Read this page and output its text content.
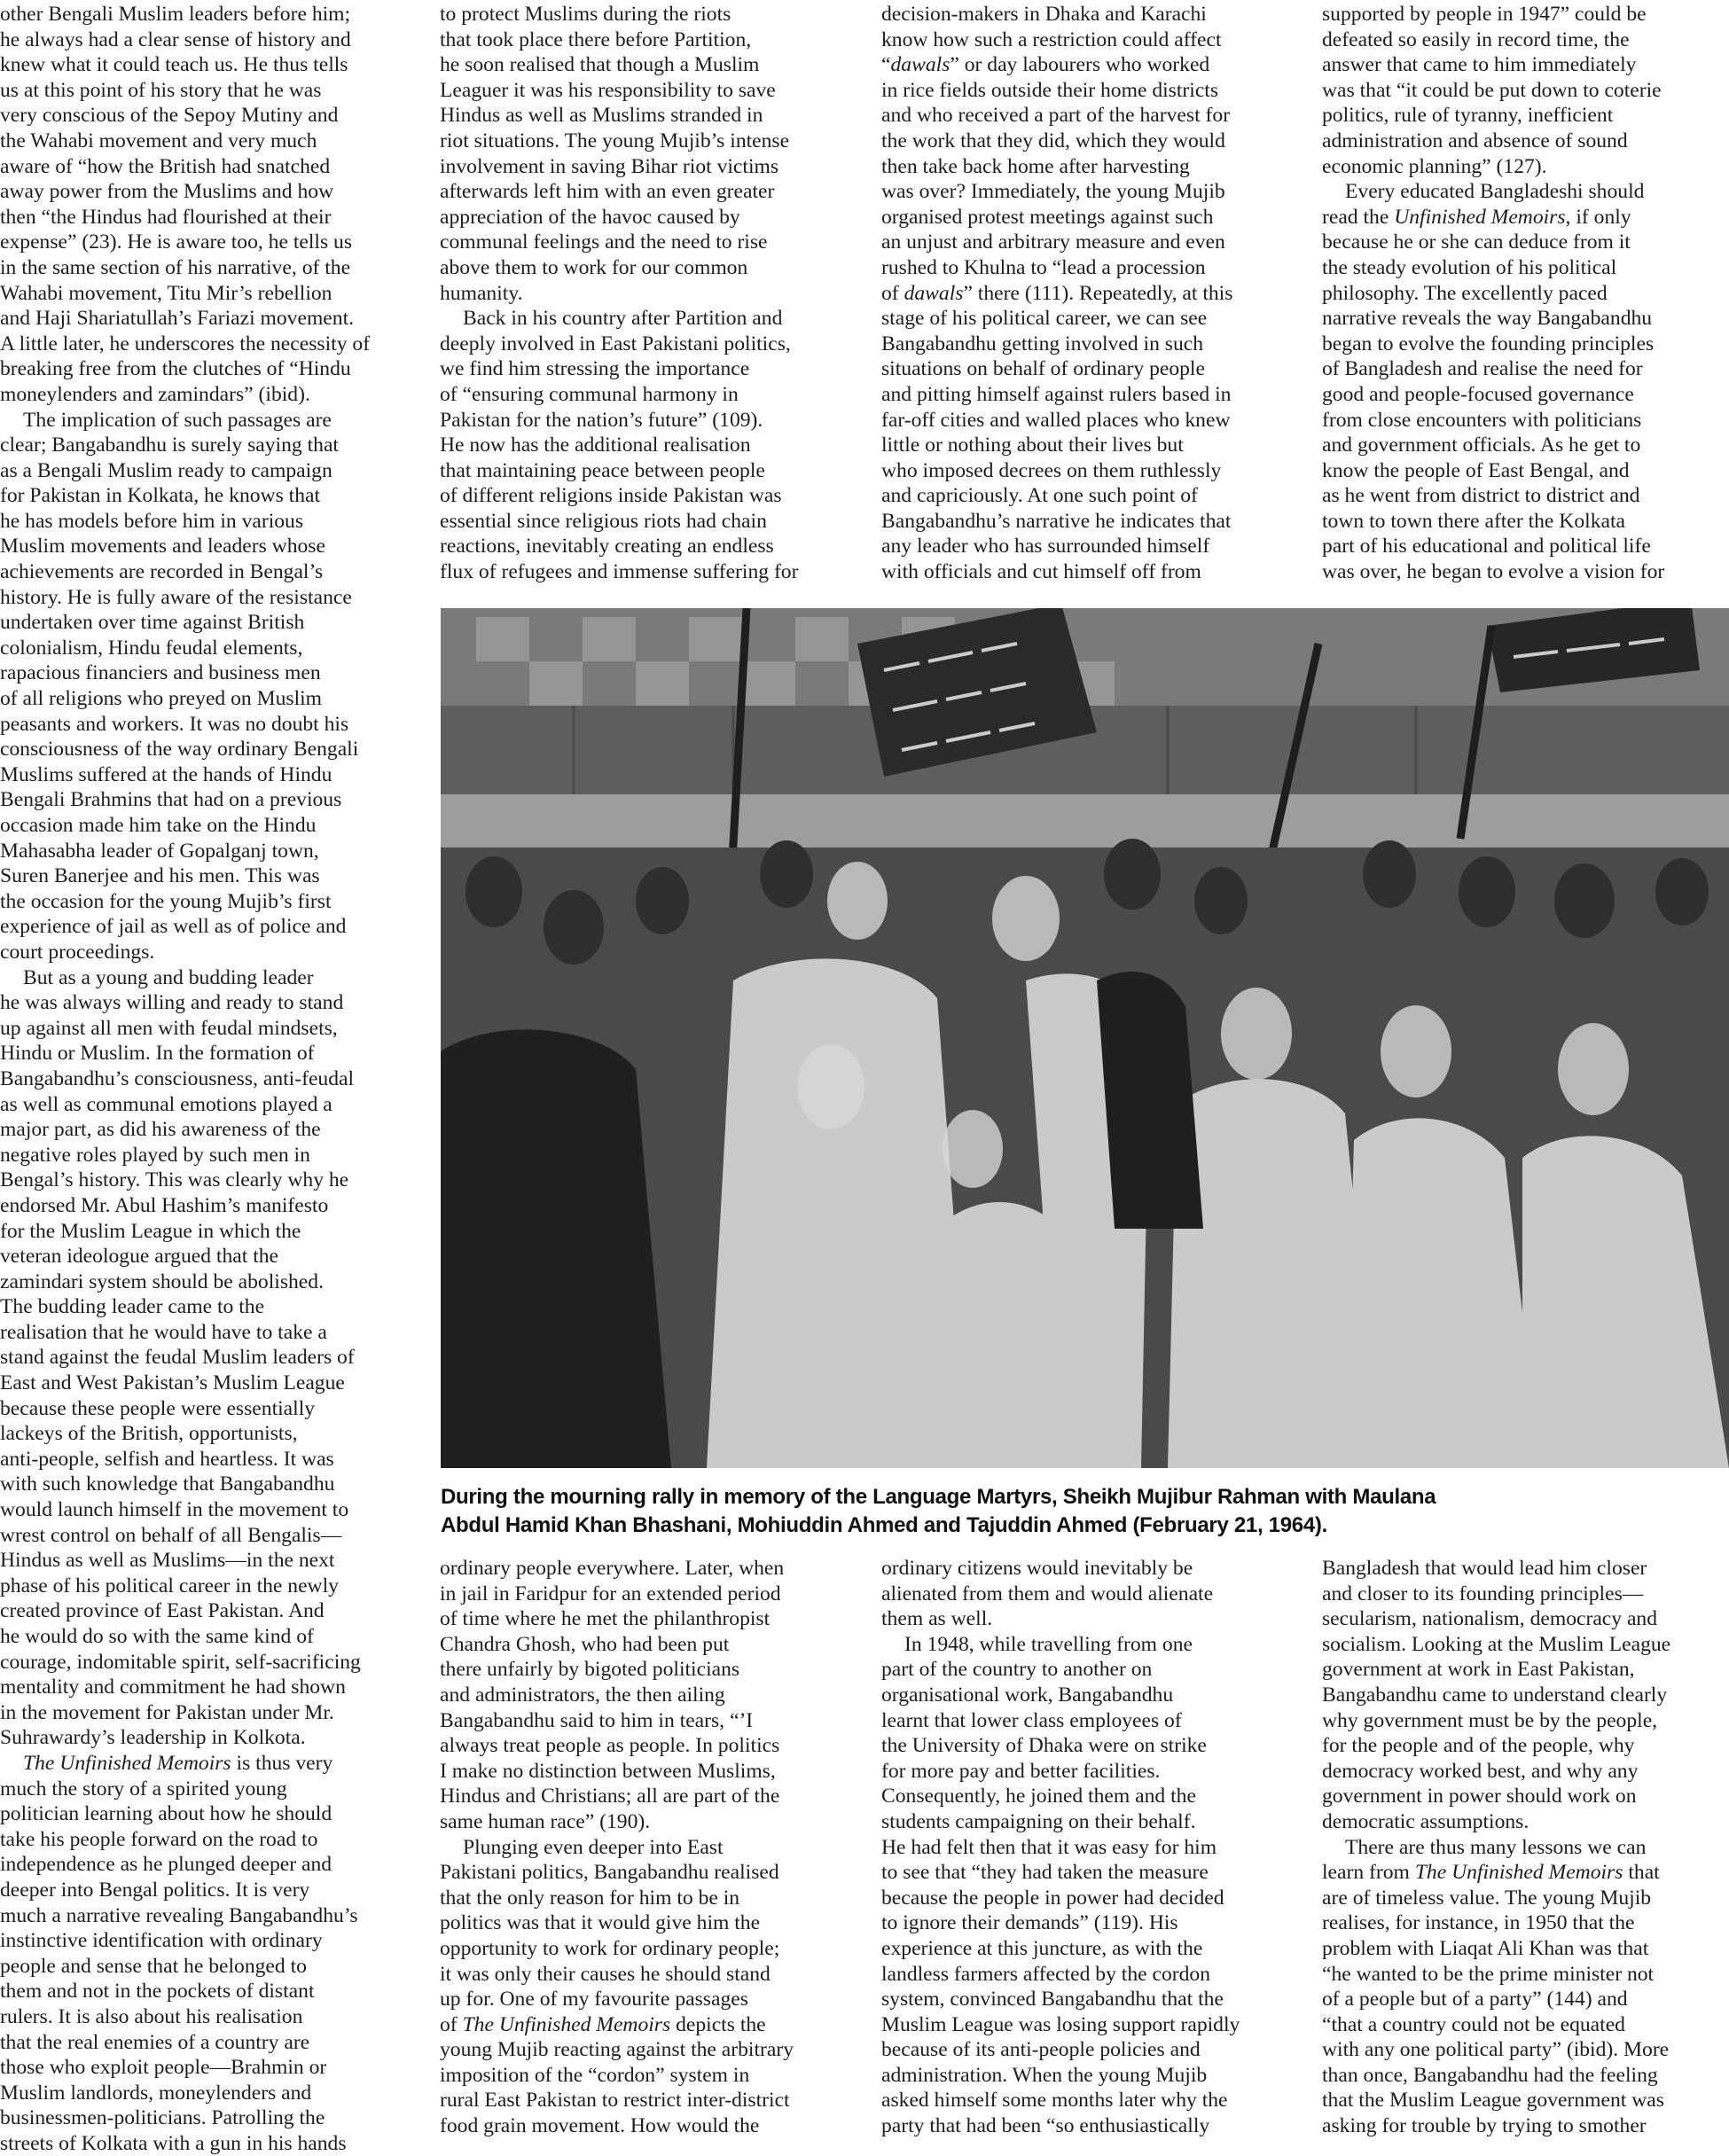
other Bengali Muslim leaders before him;
he always had a clear sense of history and
knew what it could teach us. He thus tells
us at this point of his story that he was
very conscious of the Sepoy Mutiny and
the Wahabi movement and very much
aware of “how the British had snatched
away power from the Muslims and how
then “the Hindus had flourished at their
expense” (23). He is aware too, he tells us
in the same section of his narrative, of the
Wahabi movement, Titu Mir’s rebellion
and Haji Shariatullah’s Fariazi movement.
A little later, he underscores the necessity of
breaking free from the clutches of “Hindu
moneylenders and zamindars” (ibid).

The implication of such passages are
clear; Bangabandhu is surely saying that
as a Bengali Muslim ready to campaign
for Pakistan in Kolkata, he knows that
he has models before him in various
Muslim movements and leaders whose
achievements are recorded in Bengal’s
history. He is fully aware of the resistance
undertaken over time against British
colonialism, Hindu feudal elements,
rapacious financiers and business men
of all religions who preyed on Muslim
peasants and workers. It was no doubt his
consciousness of the way ordinary Bengali
Muslims suffered at the hands of Hindu
Bengali Brahmins that had on a previous
occasion made him take on the Hindu
Mahasabha leader of Gopalganj town,
Suren Banerjee and his men. This was
the occasion for the young Mujib’s first
experience of jail as well as of police and
court proceedings.

But as a young and budding leader
he was always willing and ready to stand
up against all men with feudal mindsets,
Hindu or Muslim. In the formation of
Bangabandhu’s consciousness, anti-feudal
as well as communal emotions played a
major part, as did his awareness of the
negative roles played by such men in
Bengal’s history. This was clearly why he
endorsed Mr. Abul Hashim’s manifesto
for the Muslim League in which the
veteran ideologue argued that the
zamindari system should be abolished.
The budding leader came to the
realisation that he would have to take a
stand against the feudal Muslim leaders of
East and West Pakistan’s Muslim League
because these people were essentially
lackeys of the British, opportunists,
anti-people, selfish and heartless. It was
with such knowledge that Bangabandhu
would launch himself in the movement to
wrest control on behalf of all Bengalis—
Hindus as well as Muslims—in the next
phase of his political career in the newly
created province of East Pakistan. And
he would do so with the same kind of
courage, indomitable spirit, self-sacrificing
mentality and commitment he had shown
in the movement for Pakistan under Mr.
Suhrawardy’s leadership in Kolkota.

The Unfinished Memoirs is thus very
much the story of a spirited young
politician learning about how he should
take his people forward on the road to
independence as he plunged deeper and
deeper into Bengal politics. It is very
much a narrative revealing Bangabandhu’s
instinctive identification with ordinary
people and sense that he belonged to
them and not in the pockets of distant
rulers. It is also about his realisation
that the real enemies of a country are
those who exploit people—Brahmin or
Muslim landlords, moneylenders and
businessmen-politicians. Patrolling the
streets of Kolkata with a gun in his hands

to protect Muslims during the riots
that took place there before Partition,
he soon realised that though a Muslim
Leaguer it was his responsibility to save
Hindus as well as Muslims stranded in
riot situations. The young Mujib’s intense
involvement in saving Bihar riot victims
afterwards left him with an even greater
appreciation of the havoc caused by
communal feelings and the need to rise
above them to work for our common
humanity.

Back in his country after Partition and
deeply involved in East Pakistani politics,
we find him stressing the importance
of “ensuring communal harmony in
Pakistan for the nation’s future” (109).
He now has the additional realisation
that maintaining peace between people
of different religions inside Pakistan was
essential since religious riots had chain
reactions, inevitably creating an endless
flux of refugees and immense suffering for

decision-makers in Dhaka and Karachi
know how such a restriction could affect
“dawals” or day labourers who worked
in rice fields outside their home districts
and who received a part of the harvest for
the work that they did, which they would
then take back home after harvesting
was over? Immediately, the young Mujib
organised protest meetings against such
an unjust and arbitrary measure and even
rushed to Khulna to “lead a procession
of dawals” there (111). Repeatedly, at this
stage of his political career, we can see
Bangabandhu getting involved in such
situations on behalf of ordinary people
and pitting himself against rulers based in
far-off cities and walled places who knew
little or nothing about their lives but
who imposed decrees on them ruthlessly
and capriciously. At one such point of
Bangabandhu’s narrative he indicates that
any leader who has surrounded himself
with officials and cut himself off from

supported by people in 1947” could be
defeated so easily in record time, the
answer that came to him immediately
was that “it could be put down to coterie
politics, rule of tyranny, inefficient
administration and absence of sound
economic planning” (127).

Every educated Bangladeshi should
read the Unfinished Memoirs, if only
because he or she can deduce from it
the steady evolution of his political
philosophy. The excellently paced
narrative reveals the way Bangabandhu
began to evolve the founding principles
of Bangladesh and realise the need for
good and people-focused governance
from close encounters with politicians
and government officials. As he get to
know the people of East Bengal, and
as he went from district to district and
town to town there after the Kolkata
part of his educational and political life
was over, he began to evolve a vision for

During the mourning rally in memory of the Language Martyrs, Sheikh Mujibur Rahman with Maulana
Abdul Hamid Khan Bhashani, Mohiuddin Ahmed and Tajuddin Ahmed (February 21, 1964).

ordinary people everywhere. Later, when
in jail in Faridpur for an extended period
of time where he met the philanthropist
Chandra Ghosh, who had been put
there unfairly by bigoted politicians
and administrators, the then ailing
Bangabandhu said to him in tears, “’I
always treat people as people. In politics
I make no distinction between Muslims,
Hindus and Christians; all are part of the
same human race” (190).

Plunging even deeper into East
Pakistani politics, Bangabandhu realised
that the only reason for him to be in
politics was that it would give him the
opportunity to work for ordinary people;
it was only their causes he should stand
up for. One of my favourite passages
of The Unfinished Memoirs depicts the
young Mujib reacting against the arbitrary
imposition of the “cordon” system in
rural East Pakistan to restrict inter-district
food grain movement. How would the

ordinary citizens would inevitably be
alienated from them and would alienate
them as well.

In 1948, while travelling from one
part of the country to another on
organisational work, Bangabandhu
learnt that lower class employees of
the University of Dhaka were on strike
for more pay and better facilities.
Consequently, he joined them and the
students campaigning on their behalf.
He had felt then that it was easy for him
to see that “they had taken the measure
because the people in power had decided
to ignore their demands” (119). His
experience at this juncture, as with the
landless farmers affected by the cordon
system, convinced Bangabandhu that the
Muslim League was losing support rapidly
because of its anti-people policies and
administration. When the young Mujib
asked himself some months later why the
party that had been “so enthusiastically

Bangladesh that would lead him closer
and closer to its founding principles—
secularism, nationalism, democracy and
socialism. Looking at the Muslim League
government at work in East Pakistan,
Bangabandhu came to understand clearly
why government must be by the people,
for the people and of the people, why
democracy worked best, and why any
government in power should work on
democratic assumptions.

There are thus many lessons we can
learn from The Unfinished Memoirs that
are of timeless value. The young Mujib
realises, for instance, in 1950 that the
problem with Liaqat Ali Khan was that
“he wanted to be the prime minister not
of a people but of a party” (144) and
“that a country could not be equated
with any one political party” (ibid). More
than once, Bangabandhu had the feeling
that the Muslim League government was
asking for trouble by trying to smother
